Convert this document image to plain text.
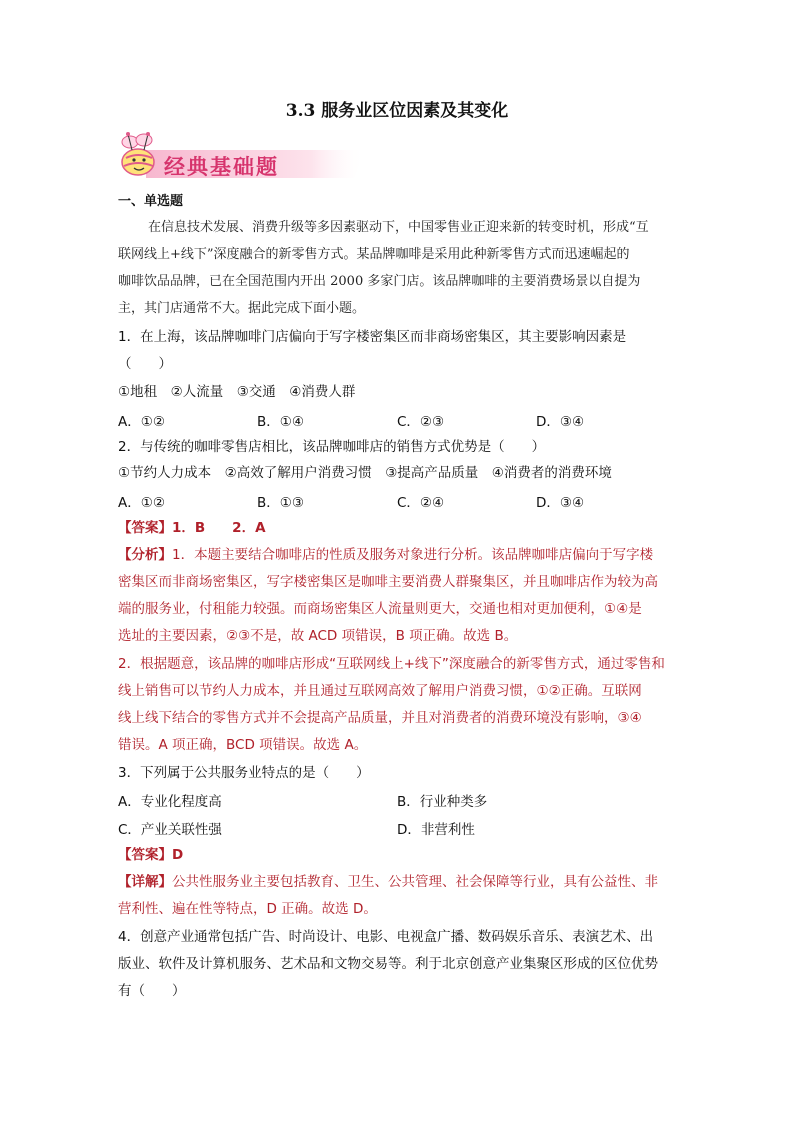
3.3 服务业区位因素及其变化
经典基础题
一、单选题
在信息技术发展、消费升级等多因素驱动下，中国零售业正迎来新的转变时机，形成“互
联网线上+线下”深度融合的新零售方式。某品牌咖啡是采用此种新零售方式而迅速崛起的
咖啡饮品品牌，已在全国范围内开出 2000 多家门店。该品牌咖啡的主要消费场景以自提为
主，其门店通常不大。据此完成下面小题。
1．在上海，该品牌咖啡门店偏向于写字楼密集区而非商场密集区，其主要影响因素是
（　　）
①地租　②人流量　③交通　④消费人群
A．①②	B．①④	C．②③	D．③④
2．与传统的咖啡零售店相比，该品牌咖啡店的销售方式优势是（　　）
①节约人力成本　②高效了解用户消费习惯　③提高产品质量　④消费者的消费环境
A．①②	B．①③	C．②④	D．③④
【答案】1．B　　2．A
【分析】1．本题主要结合咖啡店的性质及服务对象进行分析。该品牌咖啡店偏向于写字楼
密集区而非商场密集区，写字楼密集区是咖啡主要消费人群聚集区，并且咖啡店作为较为高
端的服务业，付租能力较强。而商场密集区人流量则更大，交通也相对更加便利，①④是
选址的主要因素，②③不是，故 ACD 项错误，B 项正确。故选 B。
2．根据题意，该品牌的咖啡店形成“互联网线上+线下”深度融合的新零售方式，通过零售和
线上销售可以节约人力成本，并且通过互联网高效了解用户消费习惯，①②正确。互联网
线上线下结合的零售方式并不会提高产品质量，并且对消费者的消费环境没有影响，③④
错误。A 项正确，BCD 项错误。故选 A。
3．下列属于公共服务业特点的是（　　）
A．专业化程度高	B．行业种类多
C．产业关联性强	D．非营利性
【答案】D
【详解】公共性服务业主要包括教育、卫生、公共管理、社会保障等行业，具有公益性、非
营利性、遍在性等特点，D 正确。故选 D。
4．创意产业通常包括广告、时尚设计、电影、电视盒广播、数码娱乐音乐、表演艺术、出
版业、软件及计算机服务、艺术品和文物交易等。利于北京创意产业集聚区形成的区位优势
有（　　）
